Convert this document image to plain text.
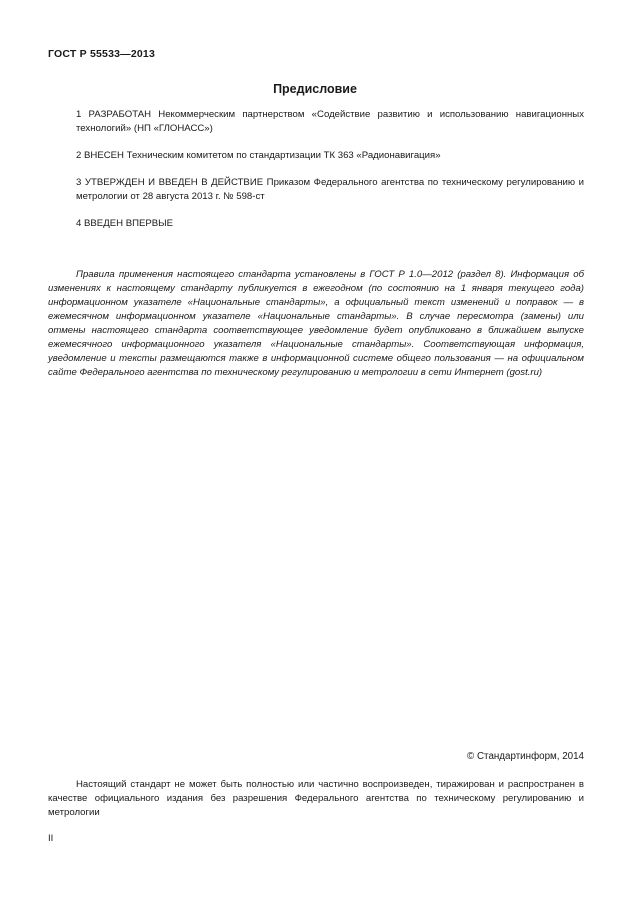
ГОСТ Р 55533—2013
Предисловие

1 РАЗРАБОТАН Некоммерческим партнерством «Содействие развитию и использованию навигационных технологий» (НП «ГЛОНАСС»)

2 ВНЕСЕН Техническим комитетом по стандартизации ТК 363 «Радионавигация»

3 УТВЕРЖДЕН И ВВЕДЕН В ДЕЙСТВИЕ Приказом Федерального агентства по техническому регулированию и метрологии от 28 августа 2013 г. № 598-ст

4 ВВЕДЕН ВПЕРВЫЕ

Правила применения настоящего стандарта установлены в ГОСТ Р 1.0—2012 (раздел 8). Информация об изменениях к настоящему стандарту публикуется в ежегодном (по состоянию на 1 января текущего года) информационном указателе «Национальные стандарты», а официальный текст изменений и поправок — в ежемесячном информационном указателе «Национальные стандарты». В случае пересмотра (замены) или отмены настоящего стандарта соответствующее уведомление будет опубликовано в ближайшем выпуске ежемесячного информационного указателя «Национальные стандарты». Соответствующая информация, уведомление и тексты размещаются также в информационной системе общего пользования — на официальном сайте Федерального агентства по техническому регулированию и метрологии в сети Интернет (gost.ru)

© Стандартинформ, 2014

Настоящий стандарт не может быть полностью или частично воспроизведен, тиражирован и распространен в качестве официального издания без разрешения Федерального агентства по техническому регулированию и метрологии

II
